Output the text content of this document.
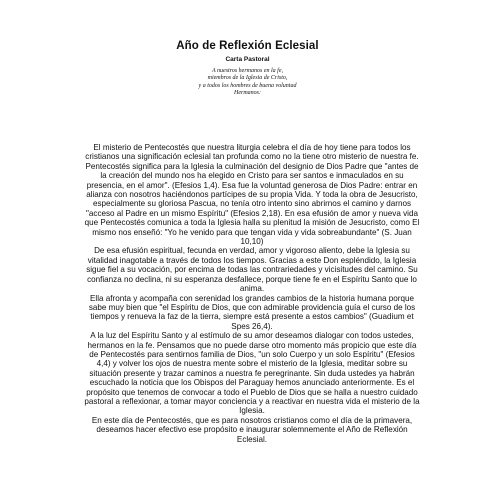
Año de Reflexión Eclesial
Carta Pastoral
A nuestros hermanos en la fe,
miembros de la Iglesia de Cristo,
y a todos los hombres de buena voluntad
Hermanos:

El misterio de Pentecostés que nuestra liturgia celebra el día de hoy tiene para todos los cristianos una significación eclesial tan profunda como no la tiene otro misterio de nuestra fe. Pentecostés significa para la Iglesia la culminación del designio de Dios Padre que "antes de la creación del mundo nos ha elegido en Cristo para ser santos e inmaculados en su presencia, en el amor". (Efesios 1,4). Esa fue la voluntad generosa de Dios Padre: entrar en alianza con nosotros haciéndonos partícipes de su propia Vida. Y toda la obra de Jesucristo, especialmente su gloriosa Pascua, no tenía otro intento sino abrirnos el camino y darnos "acceso al Padre en un mismo Espíritu" (Efesios 2,18). En esa efusión de amor y nueva vida que Pentecostés comunica a toda la Iglesia halla su plenitud la misión de Jesucristo, como El mismo nos enseñó: "Yo he venido para que tengan vida y vida sobreabundante" (S. Juan 10,10)

De esa efusión espiritual, fecunda en verdad, amor y vigoroso aliento, debe la Iglesia su vitalidad inagotable a través de todos los tiempos. Gracias a este Don espléndido, la Iglesia sigue fiel a su vocación, por encima de todas las contrariedades y vicisitudes del camino. Su confianza no declina, ni su esperanza desfallece, porque tiene fe en el Espíritu Santo que lo anima.

Ella afronta y acompaña con serenidad los grandes cambios de la historia humana porque sabe muy bien que "el Espíritu de Dios, que con admirable providencia guía el curso de los tiempos y renueva la faz de la tierra, siempre está presente a estos cambios" (Guadium et Spes 26,4).

A la luz del Espíritu Santo y al estímulo de su amor deseamos dialogar con todos ustedes, hermanos en la fe. Pensamos que no puede darse otro momento más propicio que este día de Pentecostés para sentirnos familia de Dios, "un solo Cuerpo y un solo Espíritu" (Efesios 4,4) y volver los ojos de nuestra mente sobre el misterio de la Iglesia, meditar sobre su situación presente y trazar caminos a nuestra fe peregrinante. Sin duda ustedes ya habrán escuchado la noticia que los Obispos del Paraguay hemos anunciado anteriormente. Es el propósito que tenemos de convocar a todo el Pueblo de Dios que se halla a nuestro cuidado pastoral a reflexionar, a tomar mayor conciencia y a reactivar en nuestra vida el misterio de la Iglesia.

En este día de Pentecostés, que es para nosotros cristianos como el día de la primavera, deseamos hacer efectivo ese propósito e inaugurar solemnemente el Año de Reflexión Eclesial.
